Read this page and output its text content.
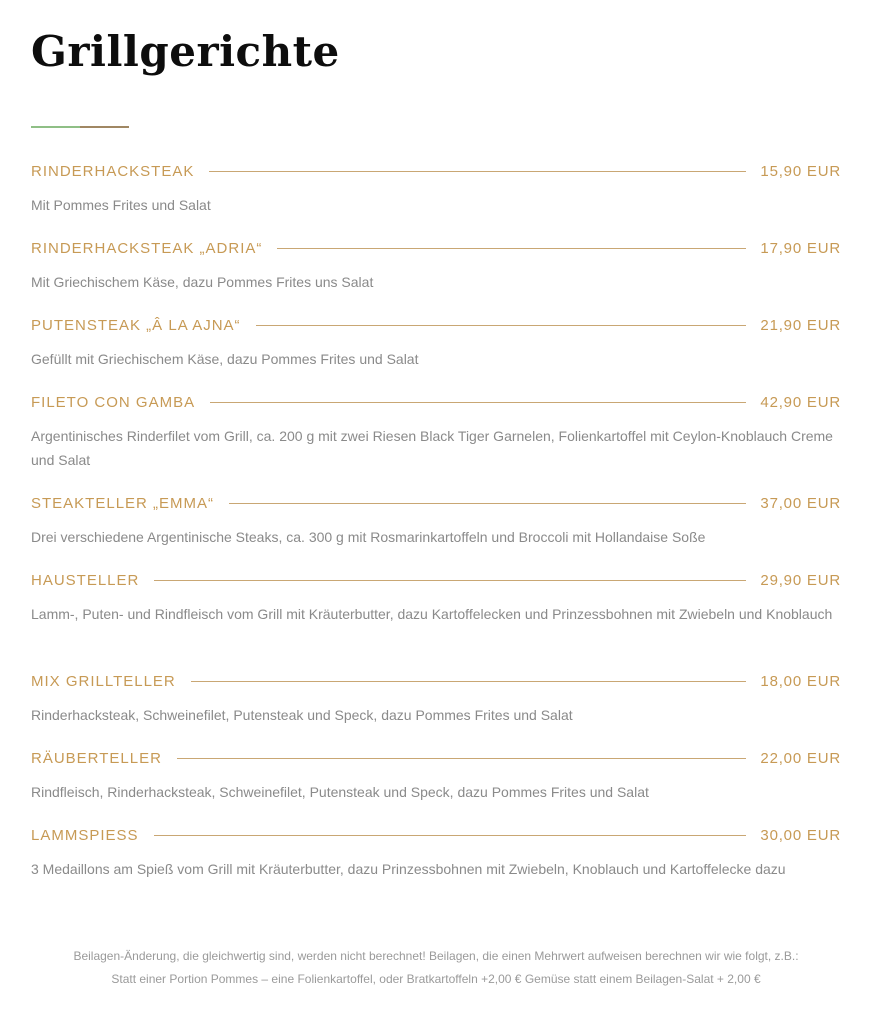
Grillgerichte
RINDERHACKSTEAK	15,90 EUR
Mit Pommes Frites und Salat
RINDERHACKSTEAK „ADRIA“	17,90 EUR
Mit Griechischem Käse, dazu Pommes Frites uns Salat
PUTENSTEAK „Â LA AJNA“	21,90 EUR
Gefüllt mit Griechischem Käse, dazu Pommes Frites und Salat
FILETO CON GAMBA	42,90 EUR
Argentinisches Rinderfilet vom Grill, ca. 200 g mit zwei Riesen Black Tiger Garnelen, Folienkartoffel mit Ceylon-Knoblauch Creme und Salat
STEAKTELLER „EMMA“	37,00 EUR
Drei verschiedene Argentinische Steaks, ca. 300 g mit Rosmarinkartoffeln und Broccoli mit Hollandaise Soße
HAUSTELLER	29,90 EUR
Lamm-, Puten- und Rindfleisch vom Grill mit Kräuterbutter, dazu Kartoffelecken und Prinzessbohnen mit Zwiebeln und Knoblauch
MIX GRILLTELLER	18,00 EUR
Rinderhacksteak, Schweinefilet, Putensteak und Speck, dazu Pommes Frites und Salat
RÄUBERTELLER	22,00 EUR
Rindfleisch, Rinderhacksteak, Schweinefilet, Putensteak und Speck, dazu Pommes Frites und Salat
LAMMSPIESS	30,00 EUR
3 Medaillons am Spieß vom Grill mit Kräuterbutter, dazu Prinzessbohnen mit Zwiebeln, Knoblauch und Kartoffelecke dazu
Beilagen-Änderung, die gleichwertig sind, werden nicht berechnet! Beilagen, die einen Mehrwert aufweisen berechnen wir wie folgt, z.B.:
Statt einer Portion Pommes – eine Folienkartoffel, oder Bratkartoffeln +2,00 € Gemüse statt einem Beilagen-Salat + 2,00 €
